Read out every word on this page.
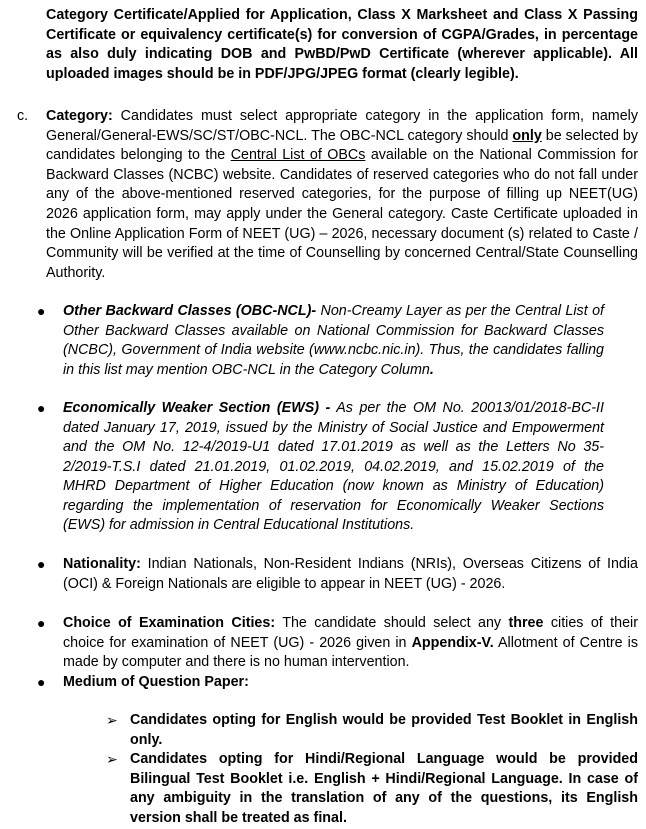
Category Certificate/Applied for Application, Class X Marksheet and Class X Passing Certificate or equivalency certificate(s) for conversion of CGPA/Grades, in percentage as also duly indicating DOB and PwBD/PwD Certificate (wherever applicable). All uploaded images should be in PDF/JPG/JPEG format (clearly legible).

c. Category: Candidates must select appropriate category in the application form, namely General/General-EWS/SC/ST/OBC-NCL. The OBC-NCL category should only be selected by candidates belonging to the Central List of OBCs available on the National Commission for Backward Classes (NCBC) website. Candidates of reserved categories who do not fall under any of the above-mentioned reserved categories, for the purpose of filling up NEET(UG) 2026 application form, may apply under the General category. Caste Certificate uploaded in the Online Application Form of NEET (UG) – 2026, necessary document (s) related to Caste / Community will be verified at the time of Counselling by concerned Central/State Counselling Authority.

● Other Backward Classes (OBC-NCL)- Non-Creamy Layer as per the Central List of Other Backward Classes available on National Commission for Backward Classes (NCBC), Government of India website (www.ncbc.nic.in). Thus, the candidates falling in this list may mention OBC-NCL in the Category Column.

● Economically Weaker Section (EWS) - As per the OM No. 20013/01/2018-BC-II dated January 17, 2019, issued by the Ministry of Social Justice and Empowerment and the OM No. 12-4/2019-U1 dated 17.01.2019 as well as the Letters No 35-2/2019-T.S.I dated 21.01.2019, 01.02.2019, 04.02.2019, and 15.02.2019 of the MHRD Department of Higher Education (now known as Ministry of Education) regarding the implementation of reservation for Economically Weaker Sections (EWS) for admission in Central Educational Institutions.

● Nationality: Indian Nationals, Non-Resident Indians (NRIs), Overseas Citizens of India (OCI) & Foreign Nationals are eligible to appear in NEET (UG) - 2026.

● Choice of Examination Cities: The candidate should select any three cities of their choice for examination of NEET (UG) - 2026 given in Appendix-V. Allotment of Centre is made by computer and there is no human intervention.

● Medium of Question Paper:

➢ Candidates opting for English would be provided Test Booklet in English only.

➢ Candidates opting for Hindi/Regional Language would be provided Bilingual Test Booklet i.e. English + Hindi/Regional Language. In case of any ambiguity in the translation of any of the questions, its English version shall be treated as final.
